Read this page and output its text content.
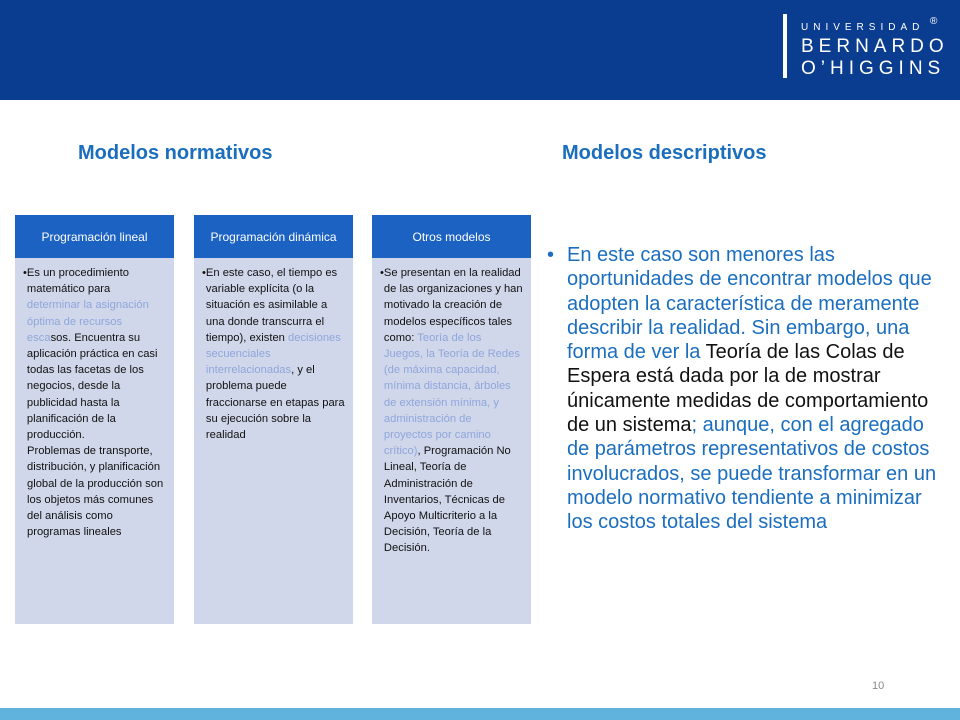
UNIVERSIDAD
BERNARDO
O’HIGGINS
®
Modelos normativos	Modelos descriptivos
Programación lineal
• Es un procedimiento matemático para determinar la asignación óptima de recursos escasos. Encuentra su aplicación práctica en casi todas las facetas de los negocios, desde la publicidad hasta la planificación de la producción.
Problemas de transporte, distribución, y planificación global de la producción son los objetos más comunes del análisis como programas lineales
Programación dinámica
• En este caso, el tiempo es variable explícita (o la situación es asimilable a una donde transcurra el tiempo), existen decisiones secuenciales interrelacionadas, y el problema puede fraccionarse en etapas para su ejecución sobre la realidad
Otros modelos
• Se presentan en la realidad de las organizaciones y han motivado la creación de modelos específicos tales como: Teoría de los Juegos, la Teoría de Redes (de máxima capacidad, mínima distancia, árboles de extensión mínima, y administración de proyectos por camino crítico), Programación No Lineal, Teoría de Administración de Inventarios, Técnicas de Apoyo Multicriterio a la Decisión, Teoría de la Decisión.
• En este caso son menores las oportunidades de encontrar modelos que adopten la característica de meramente describir la realidad. Sin embargo, una forma de ver la Teoría de las Colas de Espera está dada por la de mostrar únicamente medidas de comportamiento de un sistema; aunque, con el agregado de parámetros representativos de costos involucrados, se puede transformar en un modelo normativo tendiente a minimizar los costos totales del sistema
10
